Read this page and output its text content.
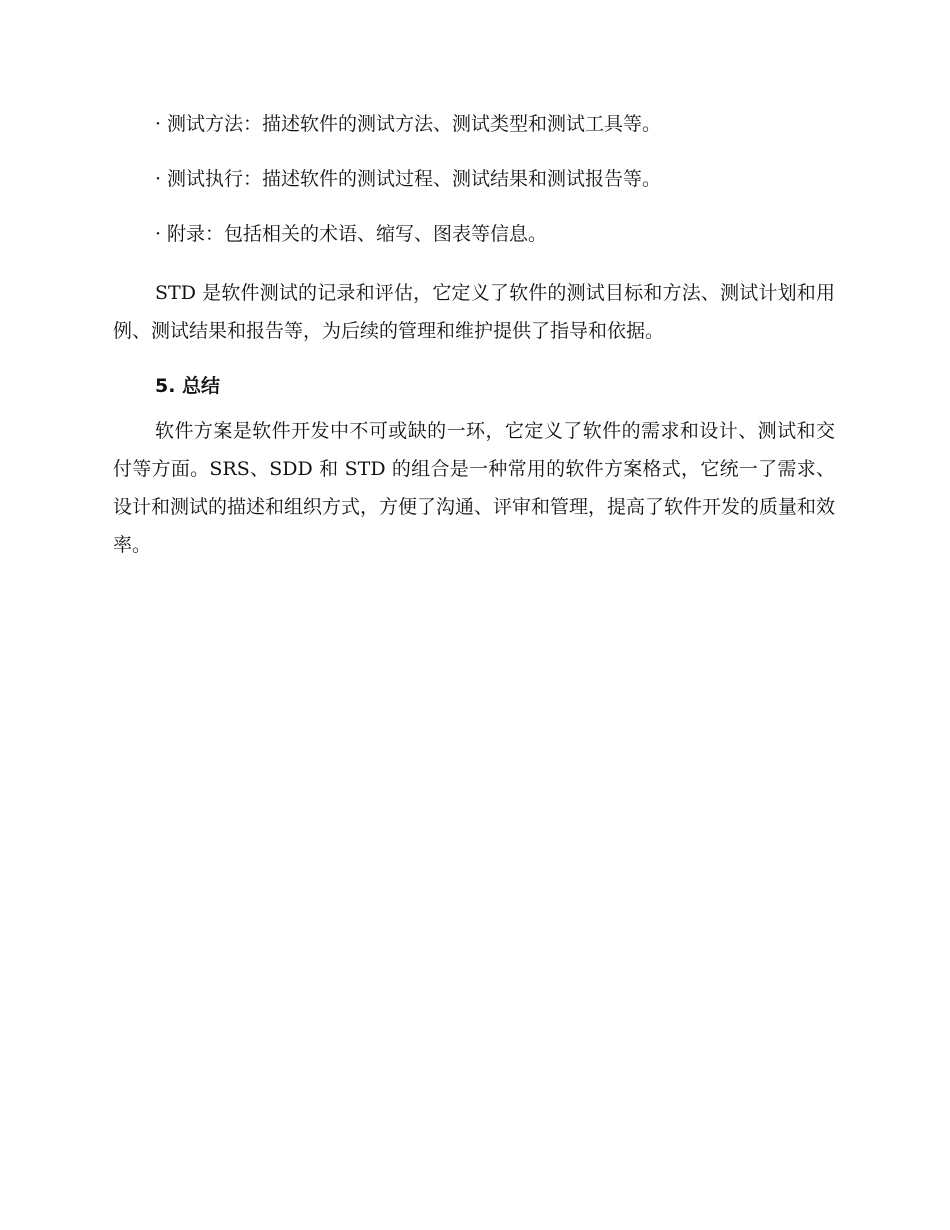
· 测试方法：描述软件的测试方法、测试类型和测试工具等。
· 测试执行：描述软件的测试过程、测试结果和测试报告等。
· 附录：包括相关的术语、缩写、图表等信息。

STD 是软件测试的记录和评估，它定义了软件的测试目标和方法、测试计划和用例、测试结果和报告等，为后续的管理和维护提供了指导和依据。

5. 总结

软件方案是软件开发中不可或缺的一环，它定义了软件的需求和设计、测试和交付等方面。SRS、SDD 和 STD 的组合是一种常用的软件方案格式，它统一了需求、设计和测试的描述和组织方式，方便了沟通、评审和管理，提高了软件开发的质量和效率。
